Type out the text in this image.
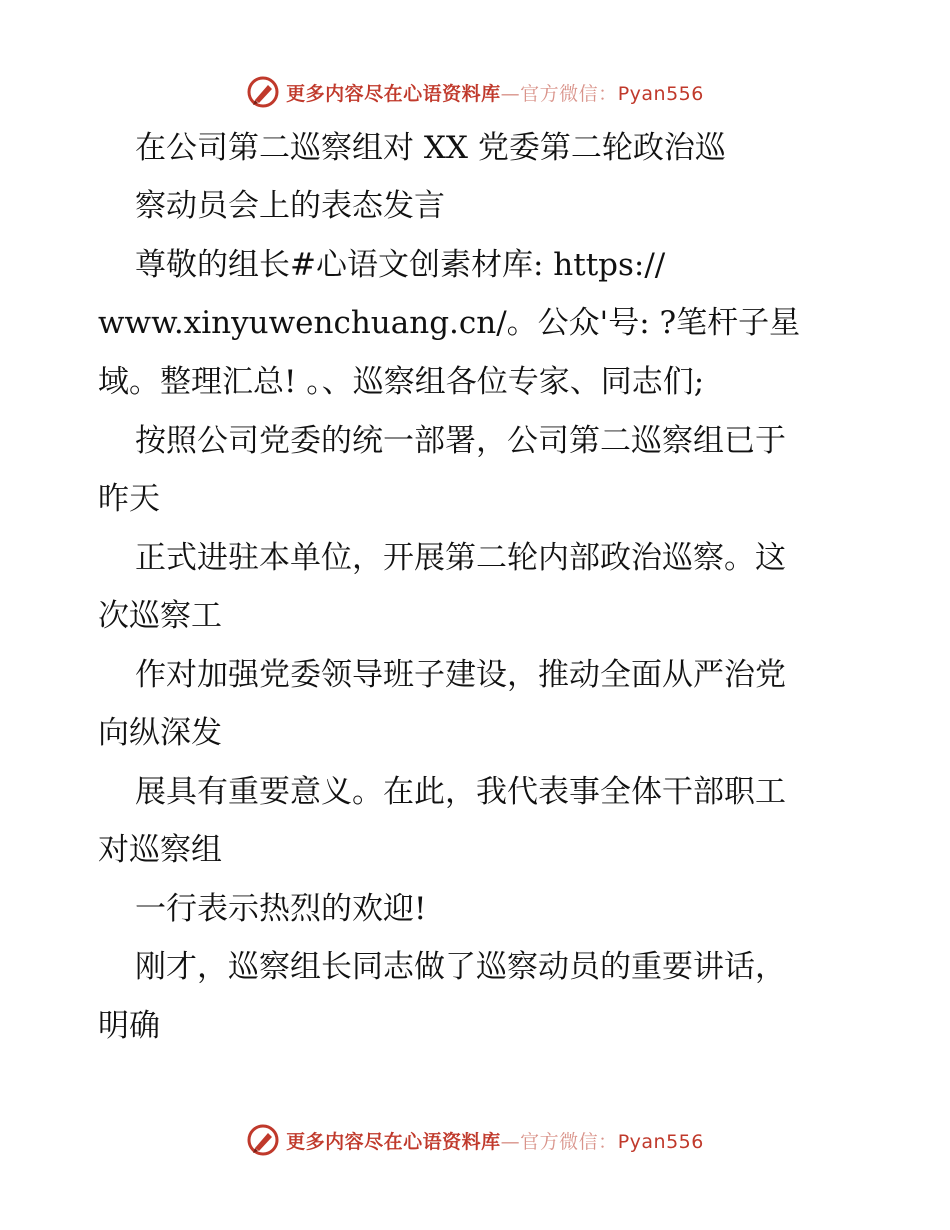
更多内容尽在心语资料库—官方微信：Pyan556
在公司第二巡察组对 XX 党委第二轮政治巡
察动员会上的表态发言
尊敬的组长#心语文创素材库: https://
www.xinyuwenchuang.cn/。公众'号: ?笔杆子星
域。整理汇总! 。、巡察组各位专家、同志们;
按照公司党委的统一部署，公司第二巡察组已于
昨天
正式进驻本单位，开展第二轮内部政治巡察。这
次巡察工
作对加强党委领导班子建设，推动全面从严治党
向纵深发
展具有重要意义。在此，我代表事全体干部职工
对巡察组
一行表示热烈的欢迎!
刚才，巡察组长同志做了巡察动员的重要讲话，
明确
更多内容尽在心语资料库—官方微信：Pyan556
